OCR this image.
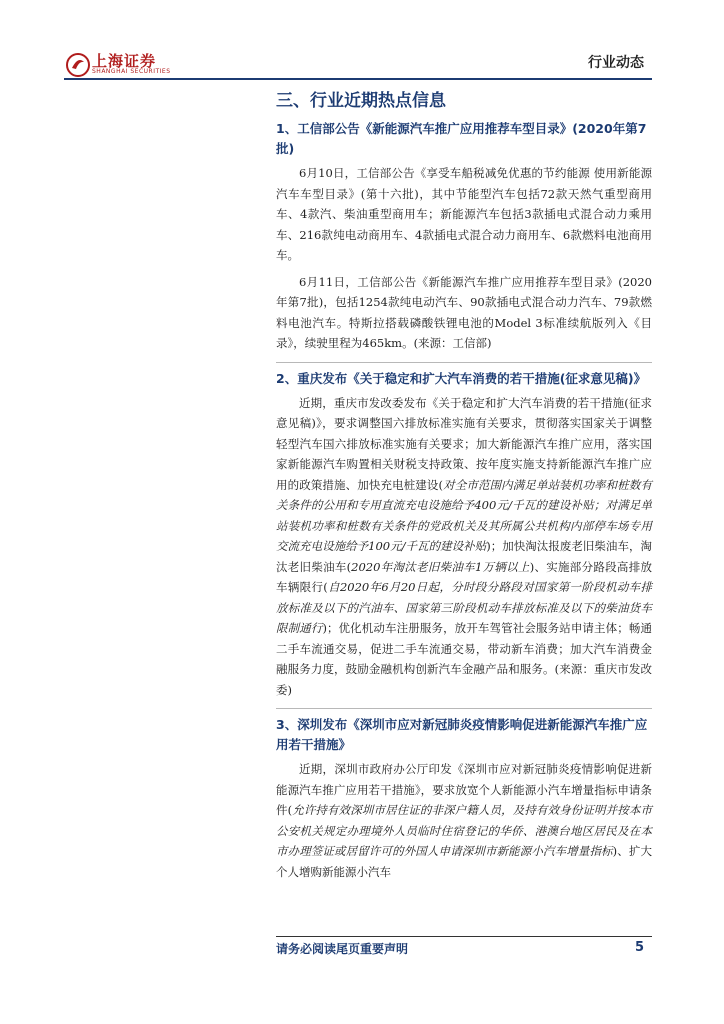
上海证券
SHANGHAI SECURITIES
行业动态
三、行业近期热点信息
1、工信部公告《新能源汽车推广应用推荐车型目录》(2020年第7批)

6月10日，工信部公告《享受车船税减免优惠的节约能源 使用新能源汽车车型目录》(第十六批)，其中节能型汽车包括72款天然气重型商用车、4款汽、柴油重型商用车；新能源汽车包括3款插电式混合动力乘用车、216款纯电动商用车、4款插电式混合动力商用车、6款燃料电池商用车。

6月11日，工信部公告《新能源汽车推广应用推荐车型目录》(2020年第7批)，包括1254款纯电动汽车、90款插电式混合动力汽车、79款燃料电池汽车。特斯拉搭载磷酸铁锂电池的Model 3标准续航版列入《目录》，续驶里程为465km。(来源：工信部)

2、重庆发布《关于稳定和扩大汽车消费的若干措施(征求意见稿)》

近期，重庆市发改委发布《关于稳定和扩大汽车消费的若干措施(征求意见稿)》，要求调整国六排放标准实施有关要求，贯彻落实国家关于调整轻型汽车国六排放标准实施有关要求；加大新能源汽车推广应用，落实国家新能源汽车购置相关财税支持政策、按年度实施支持新能源汽车推广应用的政策措施、加快充电桩建设(对全市范围内满足单站装机功率和桩数有关条件的公用和专用直流充电设施给予400元/千瓦的建设补贴；对满足单站装机功率和桩数有关条件的党政机关及其所属公共机构内部停车场专用交流充电设施给予100元/千瓦的建设补贴)；加快淘汰报废老旧柴油车，淘汰老旧柴油车(2020年淘汰老旧柴油车1万辆以上)、实施部分路段高排放车辆限行(自2020年6月20日起，分时段分路段对国家第一阶段机动车排放标准及以下的汽油车、国家第三阶段机动车排放标准及以下的柴油货车限制通行)；优化机动车注册服务，放开车驾管社会服务站申请主体；畅通二手车流通交易，促进二手车流通交易，带动新车消费；加大汽车消费金融服务力度，鼓励金融机构创新汽车金融产品和服务。(来源：重庆市发改委)

3、深圳发布《深圳市应对新冠肺炎疫情影响促进新能源汽车推广应用若干措施》

近期，深圳市政府办公厅印发《深圳市应对新冠肺炎疫情影响促进新能源汽车推广应用若干措施》，要求放宽个人新能源小汽车增量指标申请条件(允许持有效深圳市居住证的非深户籍人员，及持有效身份证明并按本市公安机关规定办理境外人员临时住宿登记的华侨、港澳台地区居民及在本市办理签证或居留许可的外国人申请深圳市新能源小汽车增量指标)、扩大个人增购新能源小汽车

请务必阅读尾页重要声明	5
